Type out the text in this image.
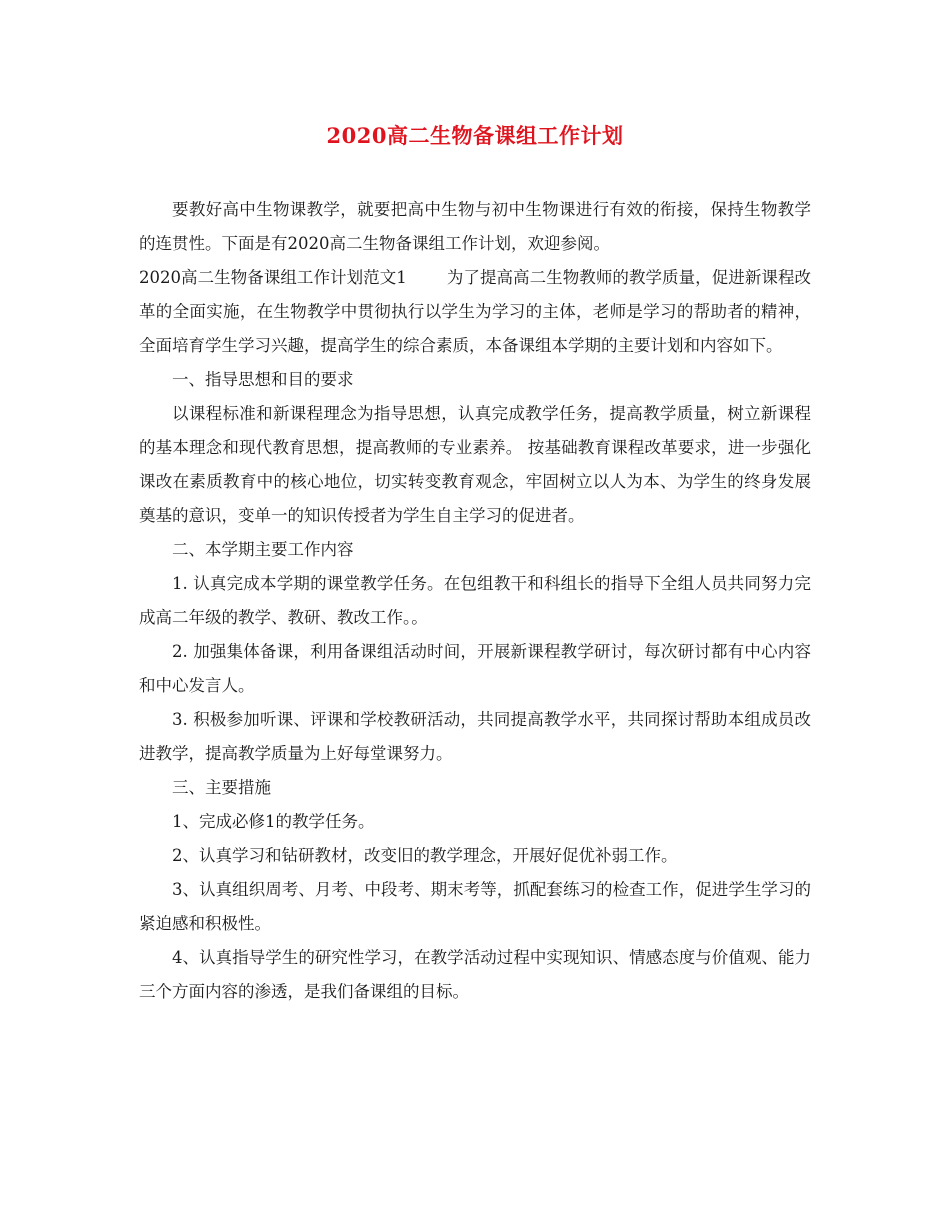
2020高二生物备课组工作计划

要教好高中生物课教学，就要把高中生物与初中生物课进行有效的衔接，保持生物教学的连贯性。下面是有2020高二生物备课组工作计划，欢迎参阅。

2020高二生物备课组工作计划范文1 为了提高高二生物教师的教学质量，促进新课程改革的全面实施，在生物教学中贯彻执行以学生为学习的主体，老师是学习的帮助者的精神，全面培育学生学习兴趣，提高学生的综合素质，本备课组本学期的主要计划和内容如下。

一、指导思想和目的要求

以课程标准和新课程理念为指导思想，认真完成教学任务，提高教学质量，树立新课程的基本理念和现代教育思想，提高教师的专业素养。 按基础教育课程改革要求，进一步强化课改在素质教育中的核心地位，切实转变教育观念，牢固树立以人为本、为学生的终身发展奠基的意识，变单一的知识传授者为学生自主学习的促进者。

二、本学期主要工作内容

1. 认真完成本学期的课堂教学任务。在包组教干和科组长的指导下全组人员共同努力完成高二年级的教学、教研、教改工作。。

2. 加强集体备课，利用备课组活动时间，开展新课程教学研讨，每次研讨都有中心内容和中心发言人。

3. 积极参加听课、评课和学校教研活动，共同提高教学水平，共同探讨帮助本组成员改进教学，提高教学质量为上好每堂课努力。

三、主要措施

1、完成必修1的教学任务。

2、认真学习和钻研教材，改变旧的教学理念，开展好促优补弱工作。

3、认真组织周考、月考、中段考、期末考等，抓配套练习的检查工作，促进学生学习的紧迫感和积极性。

4、认真指导学生的研究性学习，在教学活动过程中实现知识、情感态度与价值观、能力三个方面内容的渗透，是我们备课组的目标。
